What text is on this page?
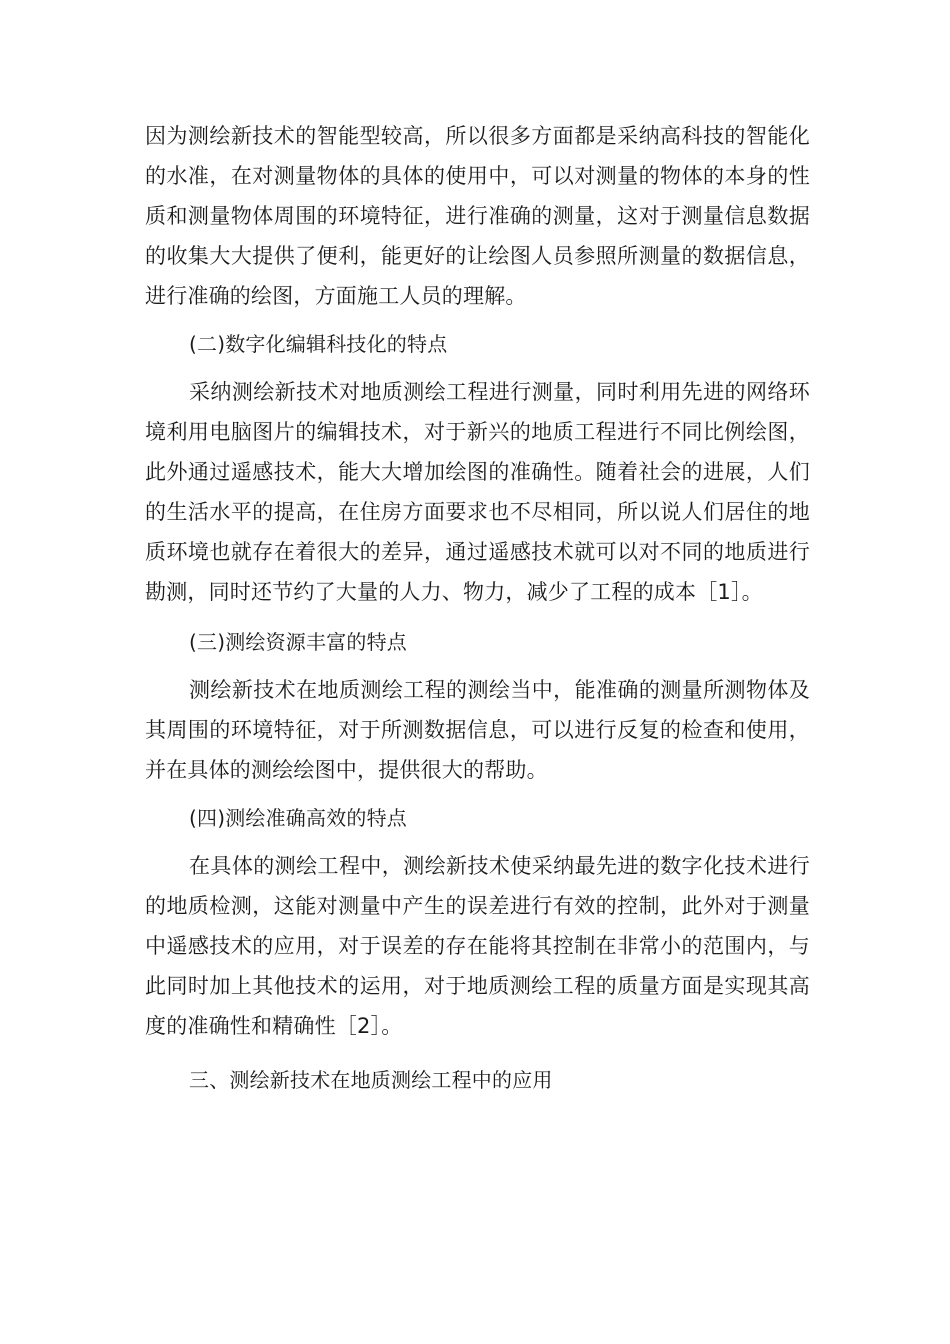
因为测绘新技术的智能型较高，所以很多方面都是采纳高科技的智能化的水准，在对测量物体的具体的使用中，可以对测量的物体的本身的性质和测量物体周围的环境特征，进行准确的测量，这对于测量信息数据的收集大大提供了便利，能更好的让绘图人员参照所测量的数据信息，进行准确的绘图，方面施工人员的理解。

(二)数字化编辑科技化的特点

采纳测绘新技术对地质测绘工程进行测量，同时利用先进的网络环境利用电脑图片的编辑技术，对于新兴的地质工程进行不同比例绘图，此外通过遥感技术，能大大增加绘图的准确性。随着社会的进展，人们的生活水平的提高，在住房方面要求也不尽相同，所以说人们居住的地质环境也就存在着很大的差异，通过遥感技术就可以对不同的地质进行勘测，同时还节约了大量的人力、物力，减少了工程的成本［1］。

(三)测绘资源丰富的特点

测绘新技术在地质测绘工程的测绘当中，能准确的测量所测物体及其周围的环境特征，对于所测数据信息，可以进行反复的检查和使用，并在具体的测绘绘图中，提供很大的帮助。

(四)测绘准确高效的特点

在具体的测绘工程中，测绘新技术使采纳最先进的数字化技术进行的地质检测，这能对测量中产生的误差进行有效的控制，此外对于测量中遥感技术的应用，对于误差的存在能将其控制在非常小的范围内，与此同时加上其他技术的运用，对于地质测绘工程的质量方面是实现其高度的准确性和精确性［2］。

三、测绘新技术在地质测绘工程中的应用
